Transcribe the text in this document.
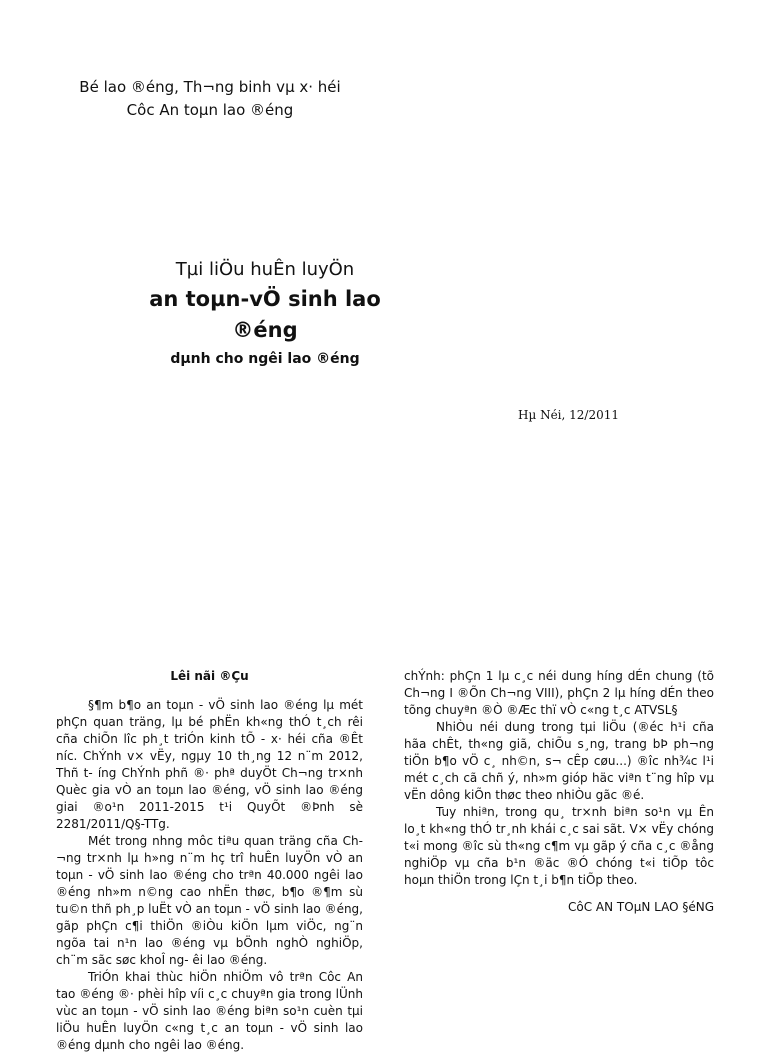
Bé lao ®éng, Th¬ng binh vµ x· héi
Côc An toµn lao ®éng
Tµi liÖu huÊn luyÖn
an toµn-vÖ sinh lao
®éng
dµnh cho ngêi lao ®éng
Hµ Néi, 12/2011
Lêi nãi ®Çu

§¶m b¶o an toµn - vÖ sinh lao ®éng lµ mét phÇn quan träng, lµ bé phËn kh«ng thÓ t¸ch rêi cña chiÕn lîc ph¸t triÓn kinh tÕ - x· héi cña ®Êt níc. ChÝnh v× vËy, ngµy 10 th¸ng 12 n¨m 2012, Thñ t- íng ChÝnh phñ ®· phª duyÖt Ch¬ng tr×nh Quèc gia vÒ an toµn lao ®éng, vÖ sinh lao ®éng giai ®o¹n 2011-2015 t¹i QuyÕt ®Þnh sè 2281/2011/Q§-TTg.

Mét trong nhng môc tiªu quan träng cña Ch- ¬ng tr×nh lµ h»ng n¨m hç trî huÊn luyÖn vÒ an toµn - vÖ sinh lao ®éng cho trªn 40.000 ngêi lao ®éng nh»m n©ng cao nhËn thøc, b¶o ®¶m sù tu©n thñ ph¸p luËt vÒ an toµn - vÖ sinh lao ®éng, gãp phÇn c¶i thiÖn ®iÒu kiÖn lµm viÖc, ng¨n ngõa tai n¹n lao ®éng vµ bÖnh nghÒ nghiÖp, ch¨m sãc søc khoÎ ng- êi lao ®éng.

TriÓn khai thùc hiÖn nhiÖm vô trªn Côc An tao ®éng ®· phèi hîp víi c¸c chuyªn gia trong lÜnh vùc an toµn - vÖ sinh lao ®éng biªn so¹n cuèn tµi liÖu huÊn luyÖn c«ng t¸c an toµn - vÖ sinh lao ®éng dµnh cho ngêi lao ®éng.

chÝnh: phÇn 1 lµ c¸c néi dung híng dÉn chung (tõ Ch¬ng I ®Õn Ch¬ng VIII), phÇn 2 lµ híng dÉn theo tõng chuyªn ®Ò ®Æc thï vÒ c«ng t¸c ATVSL§

NhiÒu néi dung trong tµi liÖu (®éc h¹i cña hãa chÊt, th«ng giã, chiÕu s¸ng, trang bÞ ph¬ng tiÖn b¶o vÖ c¸ nh©n, s¬ cÊp cøu...) ®îc nh¾c l¹i mét c¸ch cã chñ ý, nh»m gióp häc viªn t¨ng hîp vµ vËn dông kiÕn thøc theo nhiÒu gãc ®é.

Tuy nhiªn, trong qu¸ tr×nh biªn so¹n vµ Ên lo¸t kh«ng thÓ tr¸nh khái c¸c sai sãt. V× vËy chóng t«i mong ®îc sù th«ng c¶m vµ gãp ý cña c¸c ®ång nghiÖp vµ cña b¹n ®äc ®Ó chóng t«i tiÕp tôc hoµn thiÖn trong lÇn t¸i b¶n tiÕp theo.

CôC AN TOµN LAO §éNG
